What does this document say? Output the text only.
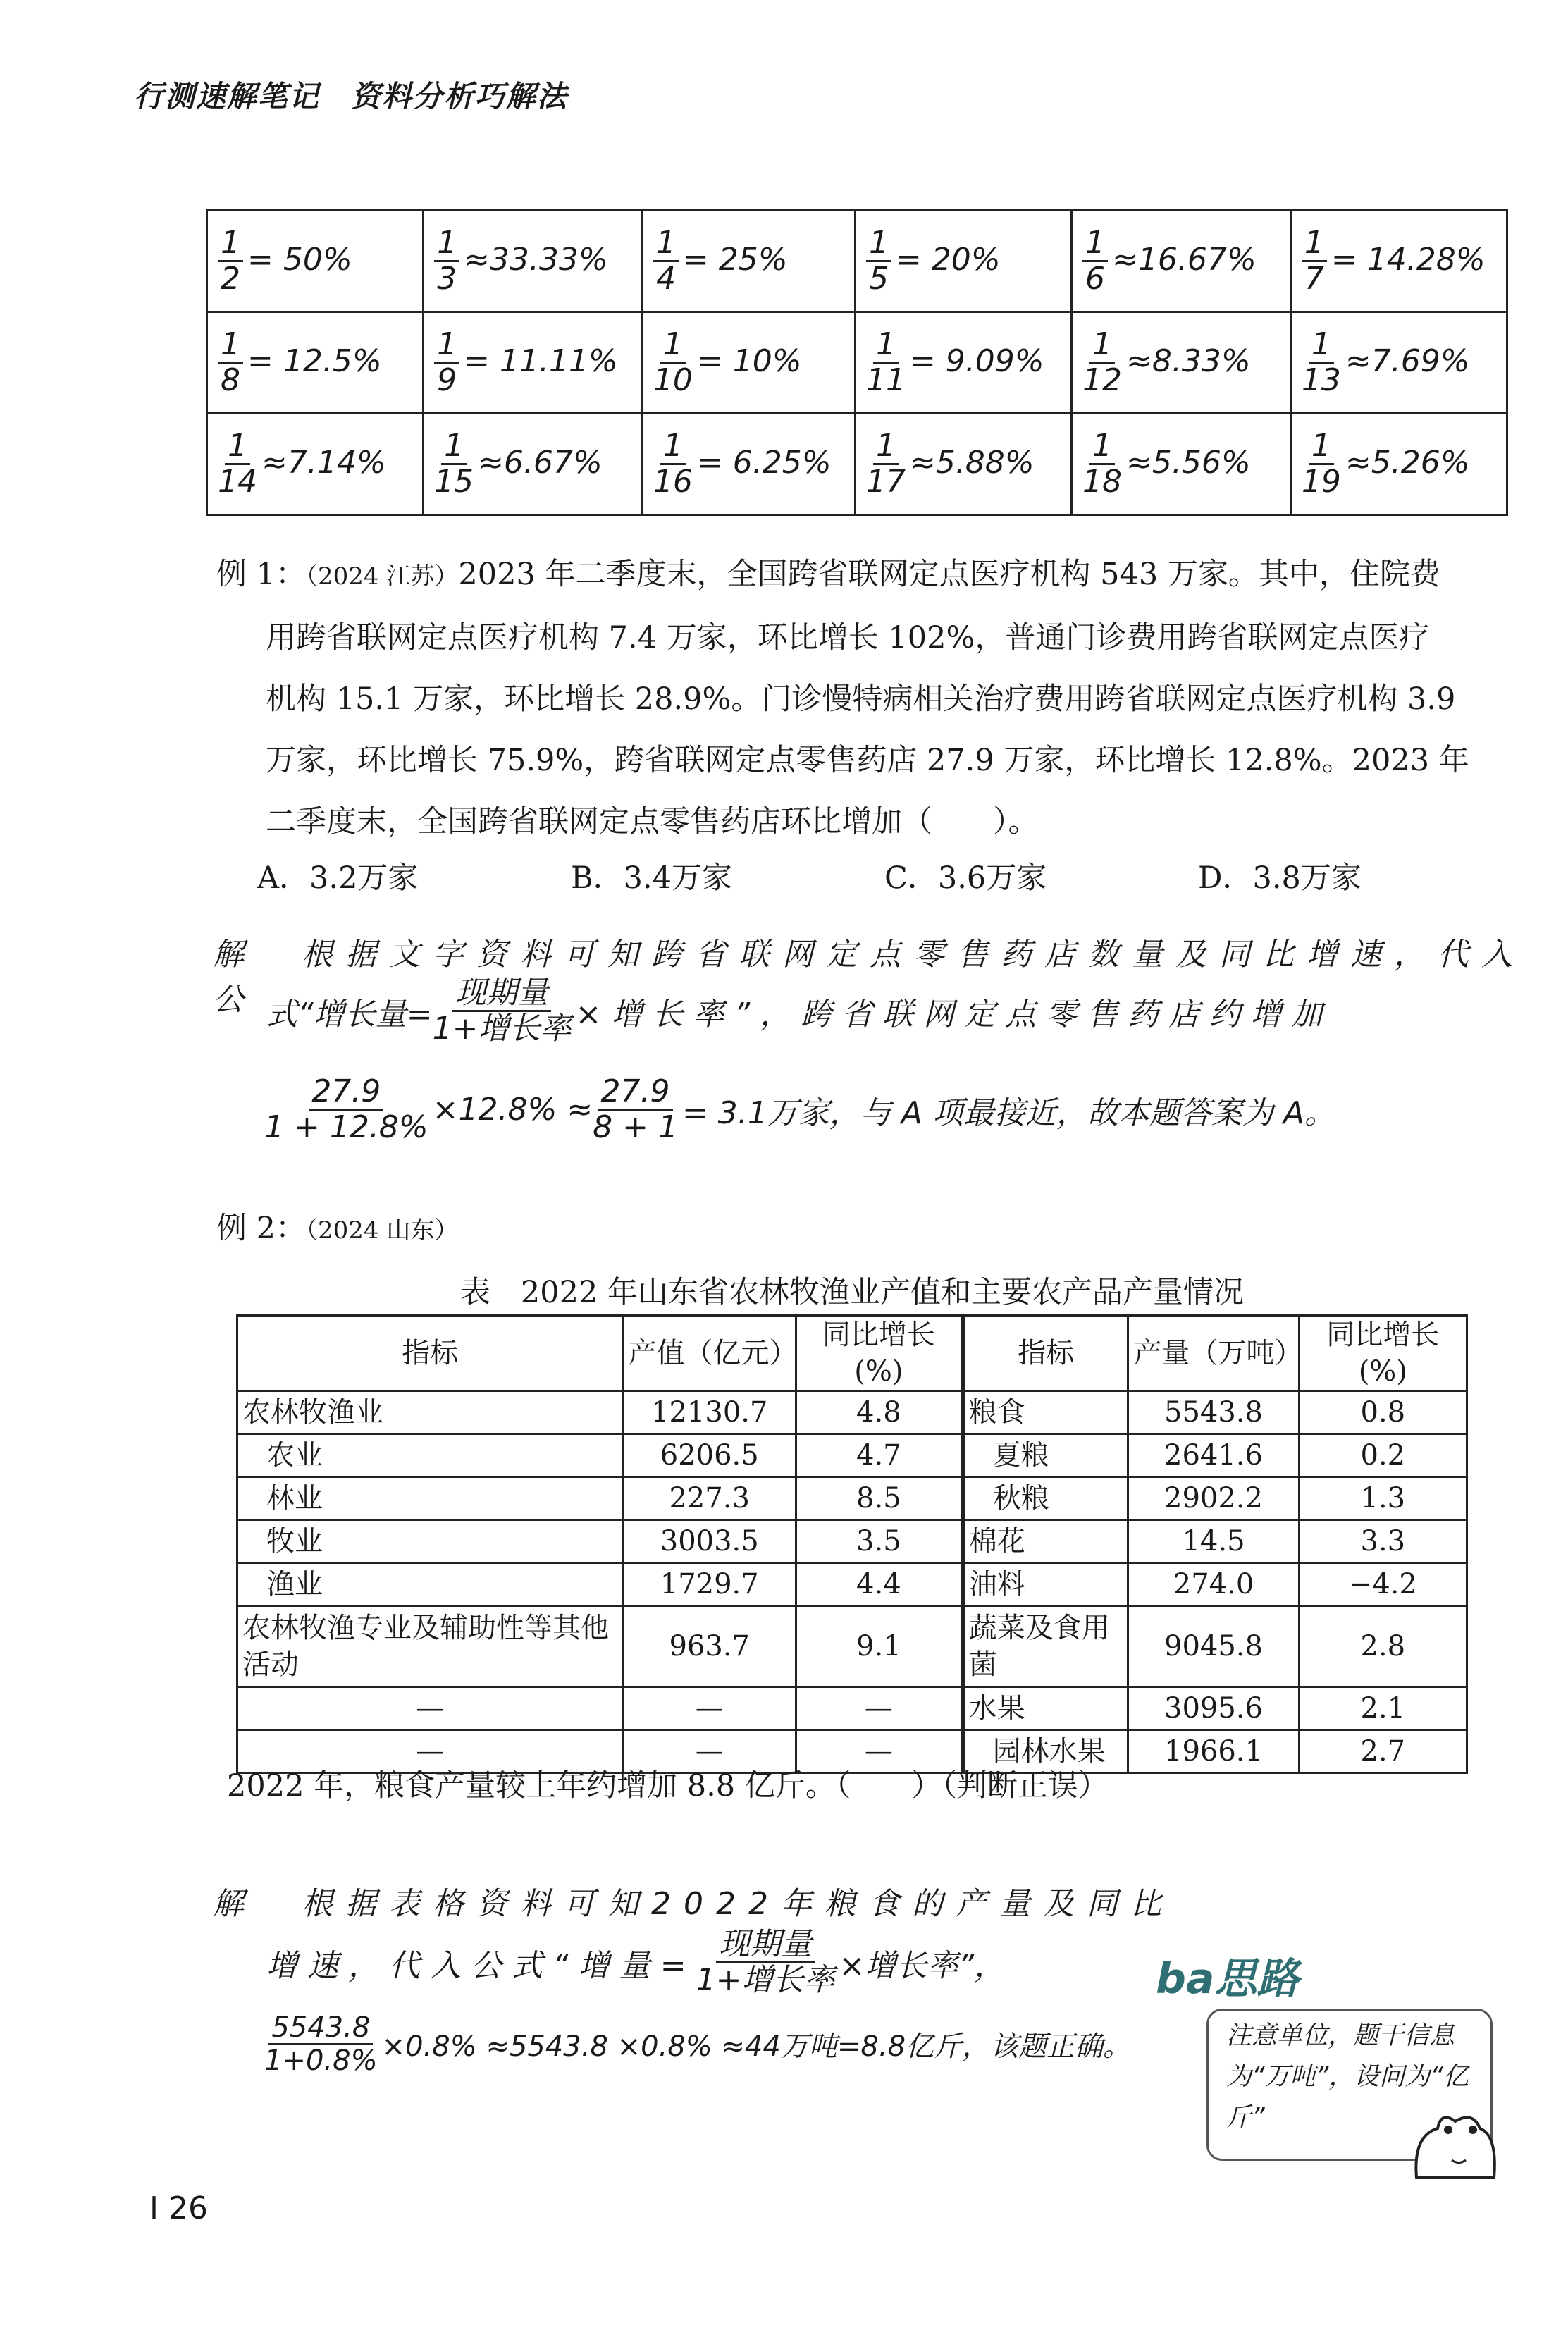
行测速解笔记　资料分析巧解法
$\frac{1}{2} = 50\%$	$\frac{1}{3} \approx 33.33\%$	$\frac{1}{4} = 25\%$	$\frac{1}{5} = 20\%$	$\frac{1}{6} \approx 16.67\%$	$\frac{1}{7} = 14.28\%$

$\frac{1}{8} = 12.5\%$	$\frac{1}{9} = 11.11\%$	$\frac{1}{10} = 10\%$	$\frac{1}{11} = 9.09\%$	$\frac{1}{12} \approx 8.33\%$	$\frac{1}{13} \approx 7.69\%$

$\frac{1}{14} \approx 7.14\%$	$\frac{1}{15} \approx 6.67\%$	$\frac{1}{16} = 6.25\%$	$\frac{1}{17} \approx 5.88\%$	$\frac{1}{18} \approx 5.56\%$	$\frac{1}{19} \approx 5.26\%$
例 1：（2024 江苏）2023 年二季度末，全国跨省联网定点医疗机构 543 万家。其中，住院费
用跨省联网定点医疗机构 7.4 万家，环比增长 102%，普通门诊费用跨省联网定点医疗
机构 15.1 万家，环比增长 28.9%。门诊慢特病相关治疗费用跨省联网定点医疗机构 3.9
万家，环比增长 75.9%，跨省联网定点零售药店 27.9 万家，环比增长 12.8%。2023 年
二季度末，全国跨省联网定点零售药店环比增加（　　）。
A．3.2万家	B．3.4万家	C．3.6万家	D．3.8万家
解 根据文字资料可知跨省联网定点零售药店数量及同比增速，代入公 式“增长量= $\frac{\text{现期量}}{\text{1+增长率}}$ ×增长率”，跨省联网定点零售药店约增加
$\frac{27.9}{1 + 12.8\%} \times 12.8\% \approx \frac{27.9}{8 + 1} = 3.1$万家，与 A 项最接近，故本题答案为 A。
例 2：（2024 山东）
表　2022 年山东省农林牧渔业产值和主要农产品产量情况
指标	产值（亿元）	同比增长 (%)	指标	产量（万吨）	同比增长 (%)
农林牧渔业	12130.7	4.8	粮食	5543.8	0.8
农业	6206.5	4.7	夏粮	2641.6	0.2
林业	227.3	8.5	秋粮	2902.2	1.3
牧业	3003.5	3.5	棉花	14.5	3.3
渔业	1729.7	4.4	油料	274.0	−4.2
农林牧渔专业及辅助性等其他活动	963.7	9.1	蔬菜及食用菌	9045.8	2.8
—	—	—	水果	3095.6	2.1
—	—	—	园林水果	1966.1	2.7
2022 年，粮食产量较上年约增加 8.8 亿斤。（　　）（判断正误）
解 根据表格资料可知2022年粮食的产量及同比
增速，代入公式“增量= $\frac{\text{现期量}}{\text{1+增长率}}$ ×增长率”，
$\frac{5543.8}{1+0.8\%} \times 0.8\% \approx 5543.8 \times 0.8\% \approx 44$万吨=8.8亿斤，该题正确。
ba思路
注意单位，题干信息为“万吨”，设问为“亿斤”
I 26
